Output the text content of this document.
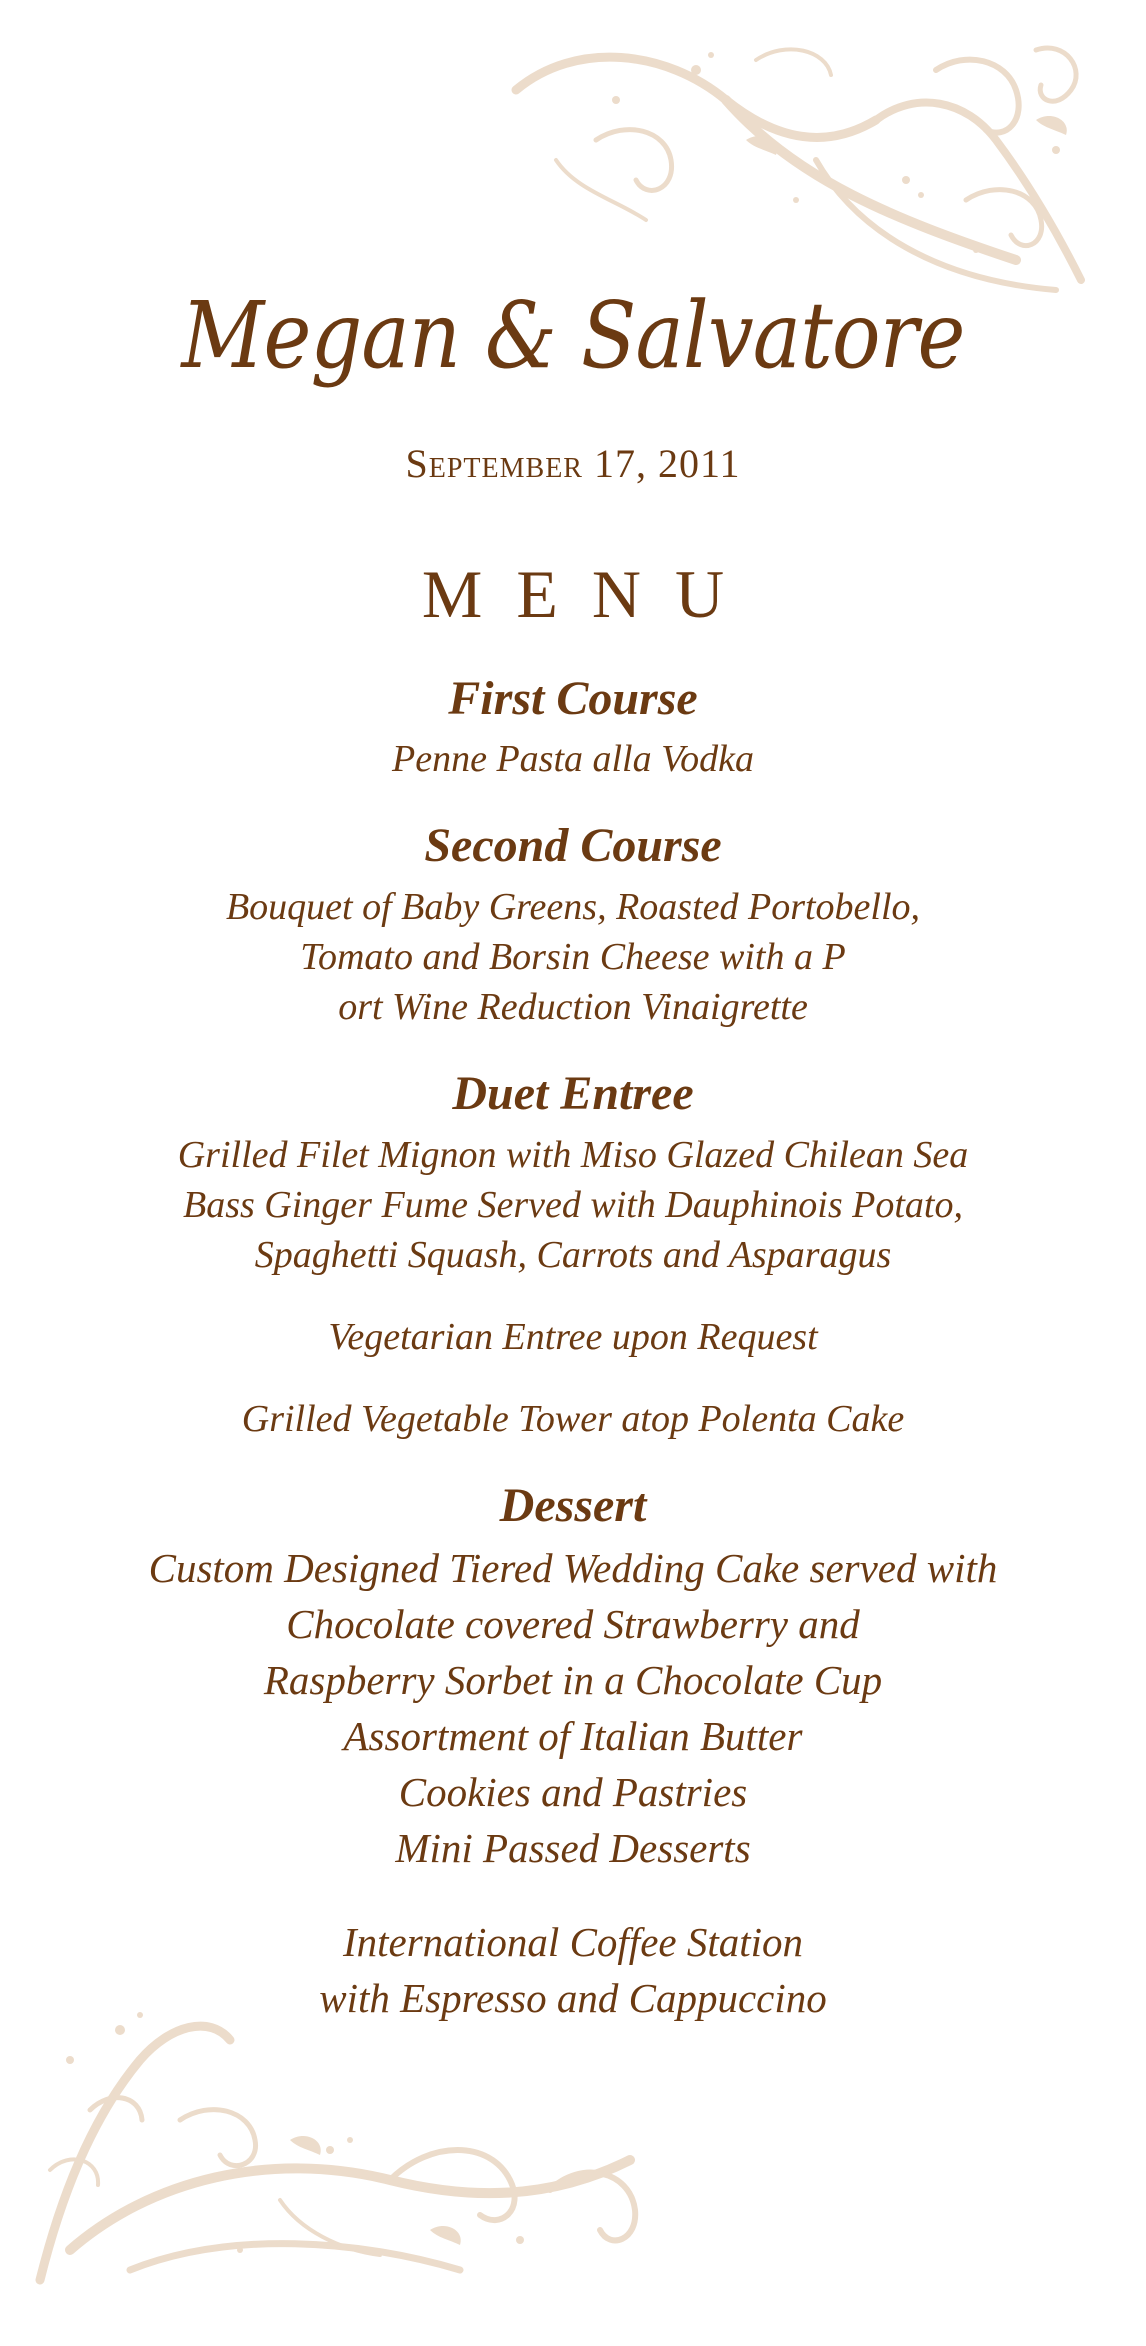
Megan & Salvatore
September 17, 2011
MENU
First Course
Penne Pasta alla Vodka
Second Course
Bouquet of Baby Greens, Roasted Portobello,
Tomato and Borsin Cheese with a P
ort Wine Reduction Vinaigrette
Duet Entree
Grilled Filet Mignon with Miso Glazed Chilean Sea
Bass Ginger Fume Served with Dauphinois Potato,
Spaghetti Squash, Carrots and Asparagus
Vegetarian Entree upon Request
Grilled Vegetable Tower atop Polenta Cake
Dessert
Custom Designed Tiered Wedding Cake served with
Chocolate covered Strawberry and
Raspberry Sorbet in a Chocolate Cup
Assortment of Italian Butter
Cookies and Pastries
Mini Passed Desserts
International Coffee Station
with Espresso and Cappuccino
